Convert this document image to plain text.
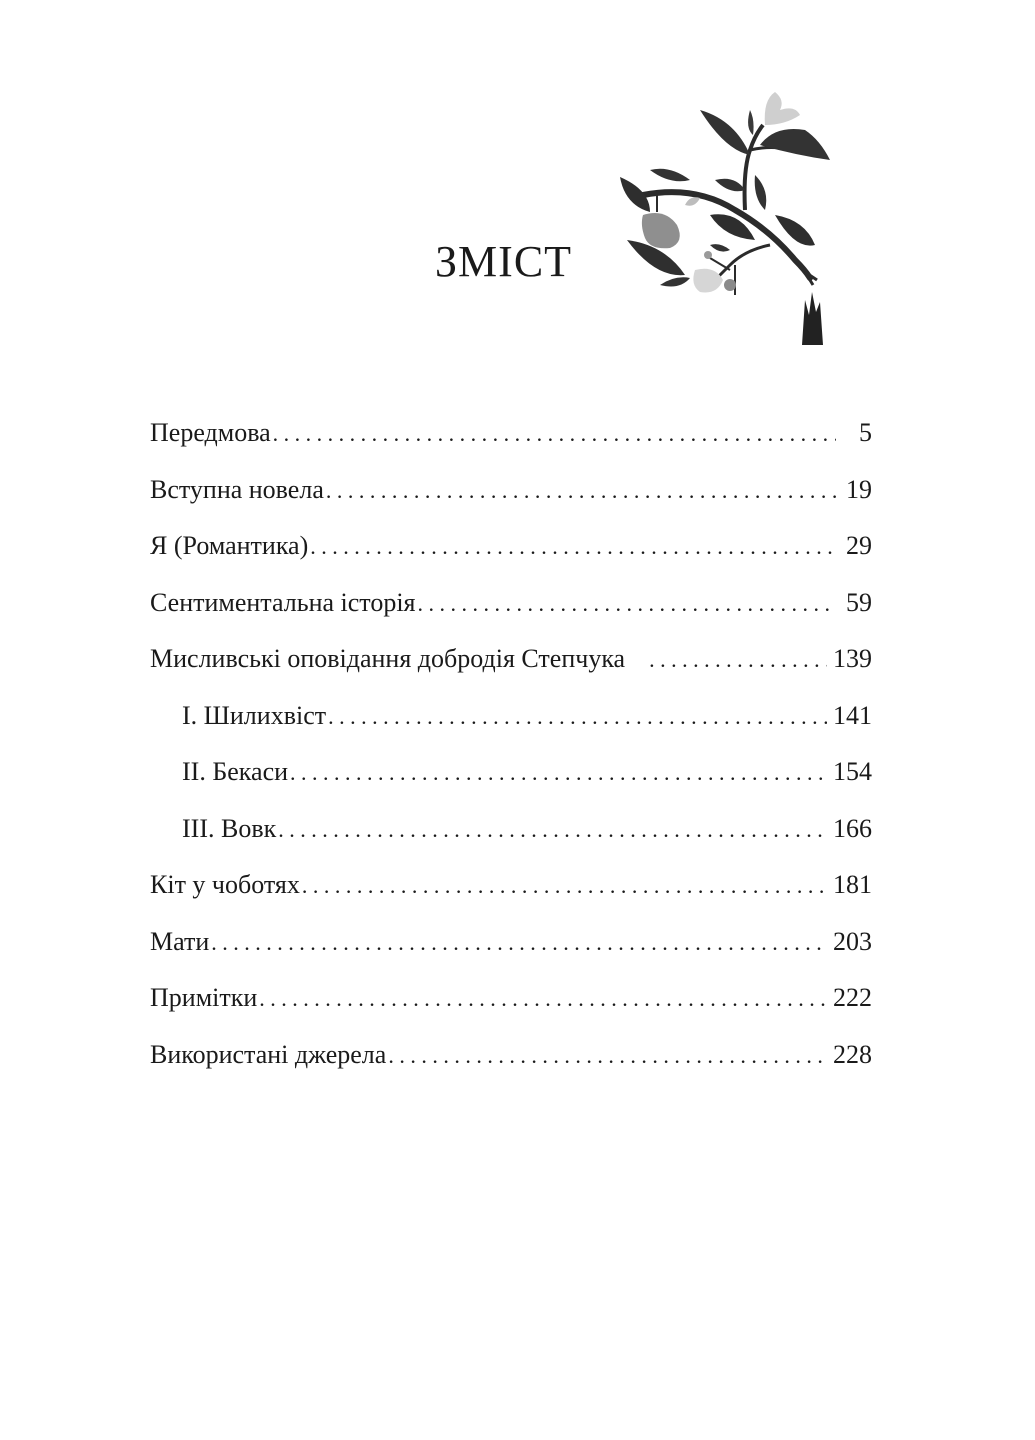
ЗМІСТ
Передмова . . .	5
Вступна новела . . .	19
Я (Романтика) . . .	29
Сентиментальна історія . . .	59
Мисливські оповідання добродія Степчука . . .	139
І. Шилихвіст . . .	141
ІІ. Бекаси . . .	154
ІІІ. Вовк . . .	166
Кіт у чоботях . . .	181
Мати . . .	203
Примітки . . .	222
Використані джерела . . .	228
